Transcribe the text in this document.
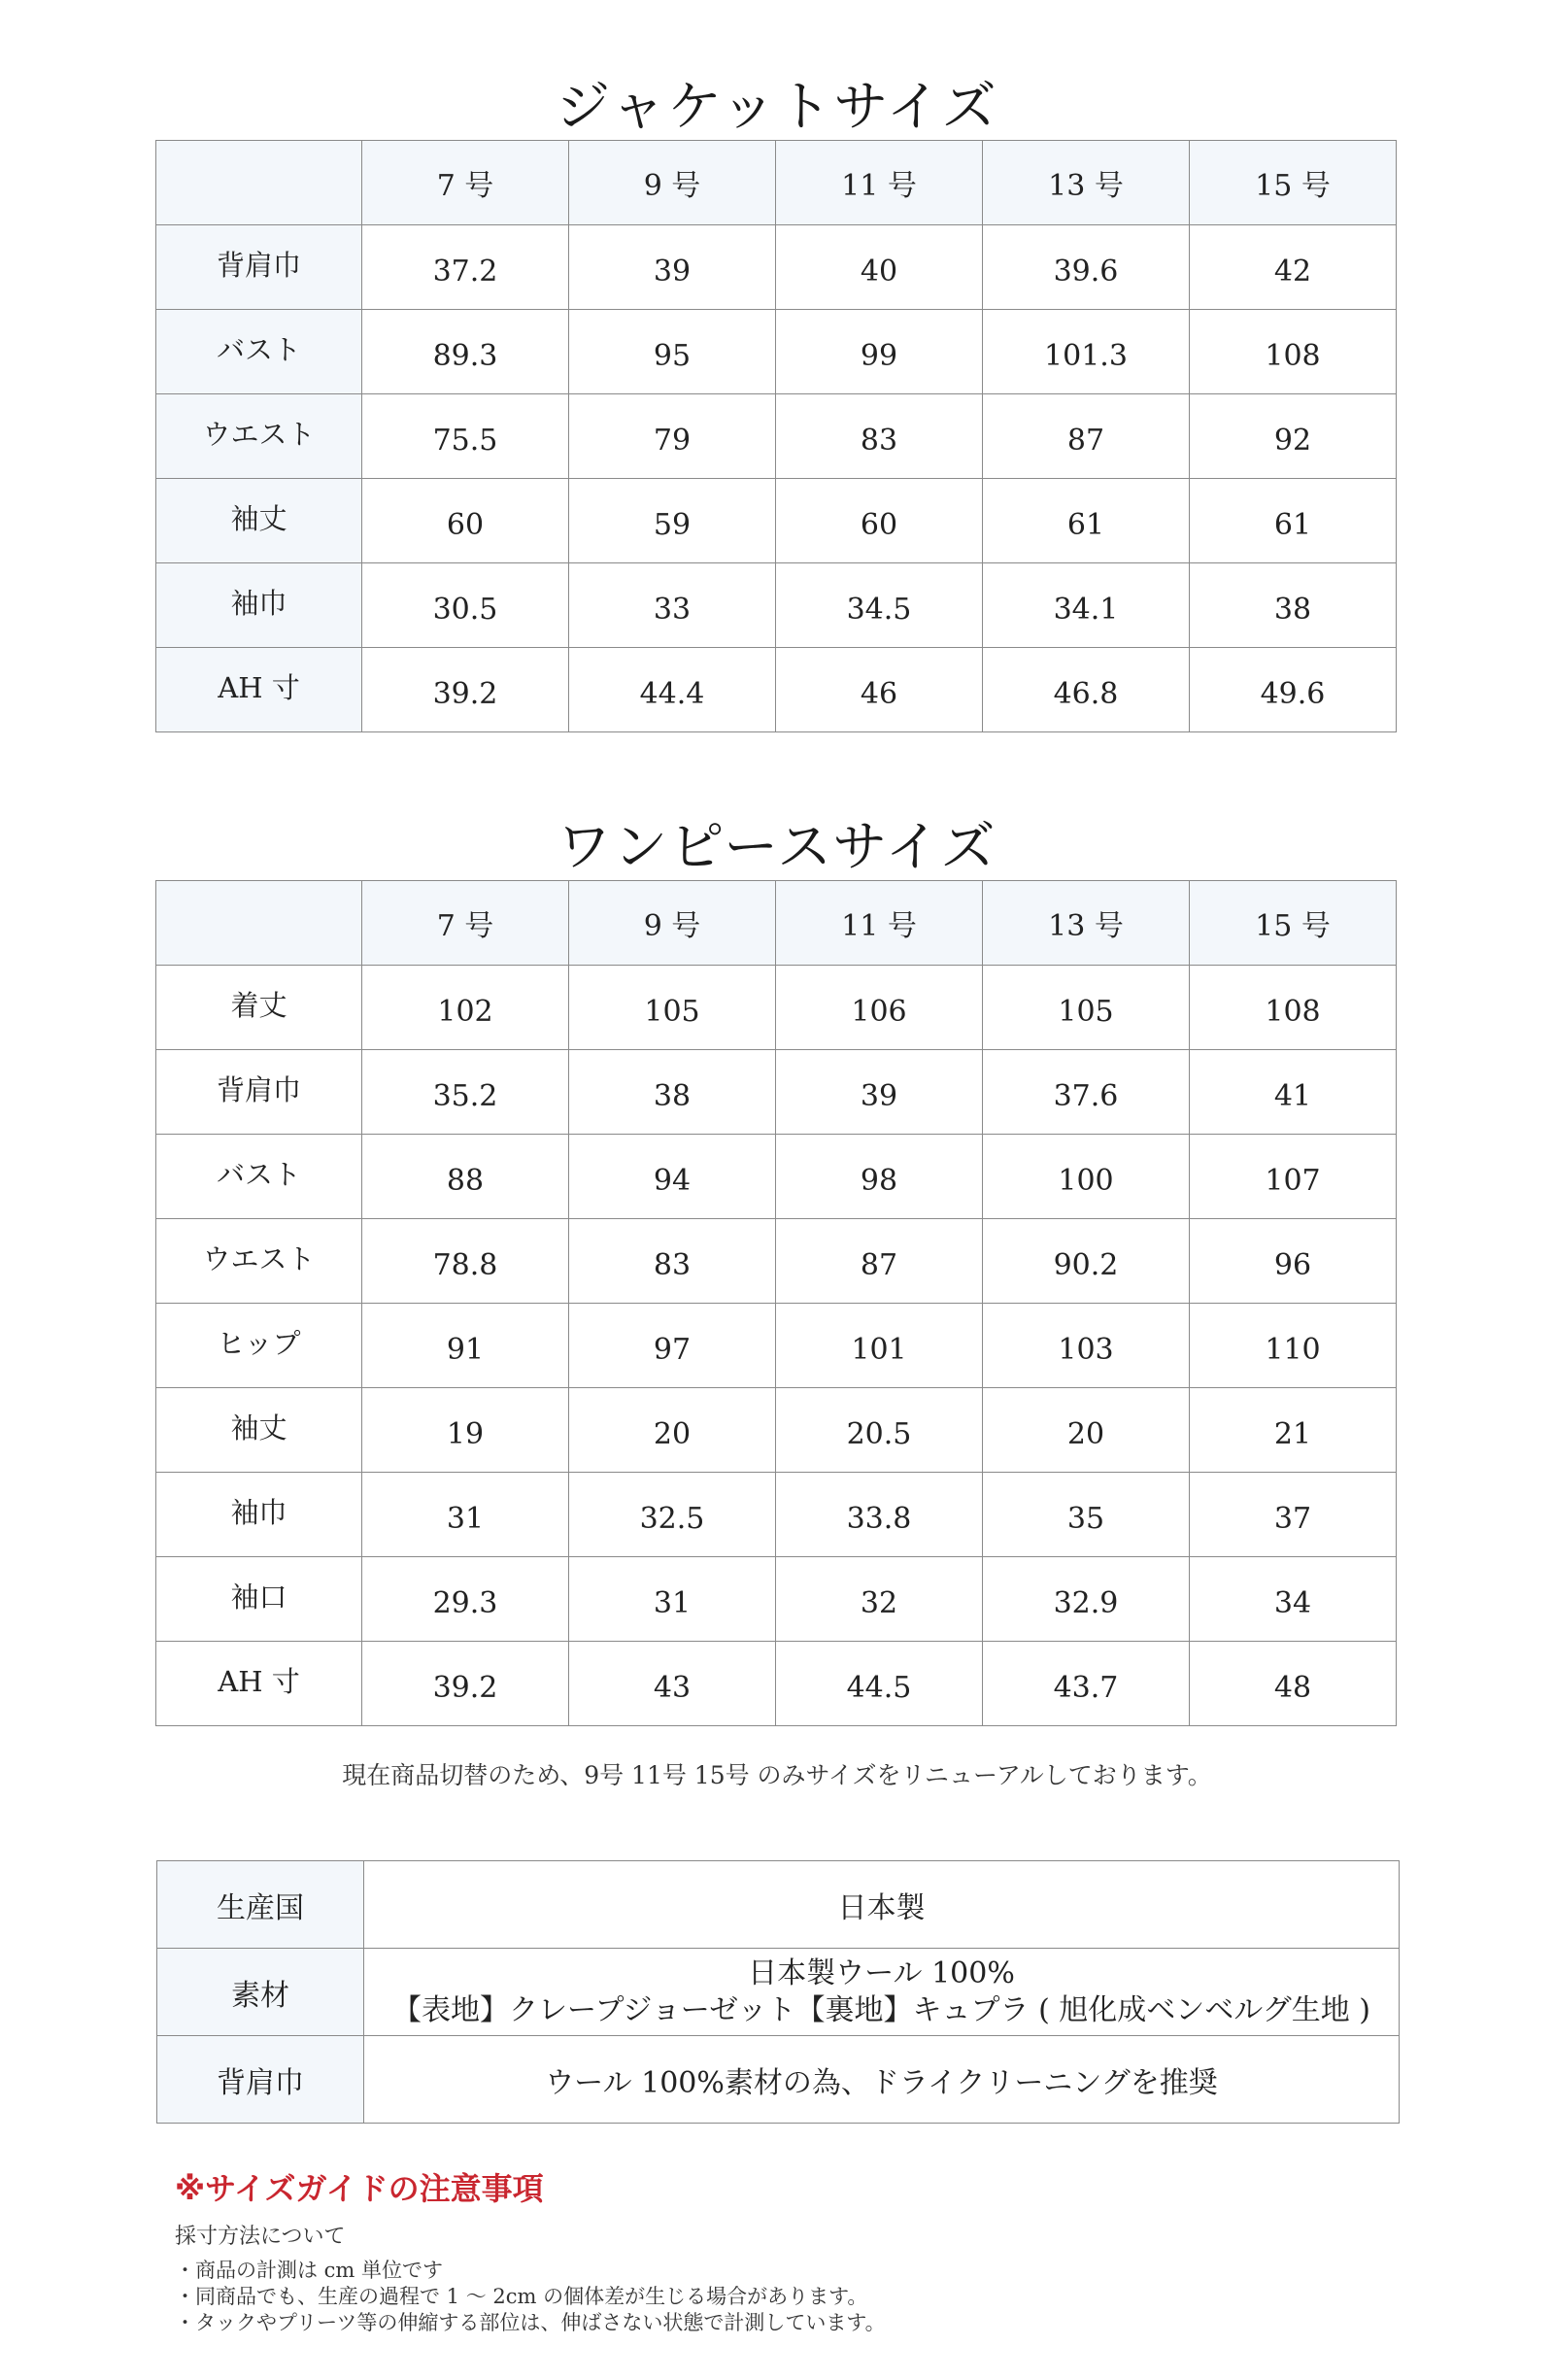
ジャケットサイズ
	7 号	9 号	11 号	13 号	15 号
背肩巾	37.2	39	40	39.6	42
バスト	89.3	95	99	101.3	108
ウエスト	75.5	79	83	87	92
袖丈	60	59	60	61	61
袖巾	30.5	33	34.5	34.1	38
AH 寸	39.2	44.4	46	46.8	49.6
ワンピースサイズ
	7 号	9 号	11 号	13 号	15 号
着丈	102	105	106	105	108
背肩巾	35.2	38	39	37.6	41
バスト	88	94	98	100	107
ウエスト	78.8	83	87	90.2	96
ヒップ	91	97	101	103	110
袖丈	19	20	20.5	20	21
袖巾	31	32.5	33.8	35	37
袖口	29.3	31	32	32.9	34
AH 寸	39.2	43	44.5	43.7	48
現在商品切替のため、9号 11号 15号 のみサイズをリニューアルしております。
生産国	日本製

素材	日本製ウール 100%
【表地】クレープジョーゼット【裏地】キュプラ ( 旭化成ベンベルグ生地 )

背肩巾	ウール 100%素材の為、ドライクリーニングを推奨
※サイズガイドの注意事項
採寸方法について
・商品の計測は cm 単位です
・同商品でも、生産の過程で 1 ～ 2cm の個体差が生じる場合があります。
・タックやプリーツ等の伸縮する部位は、伸ばさない状態で計測しています。
